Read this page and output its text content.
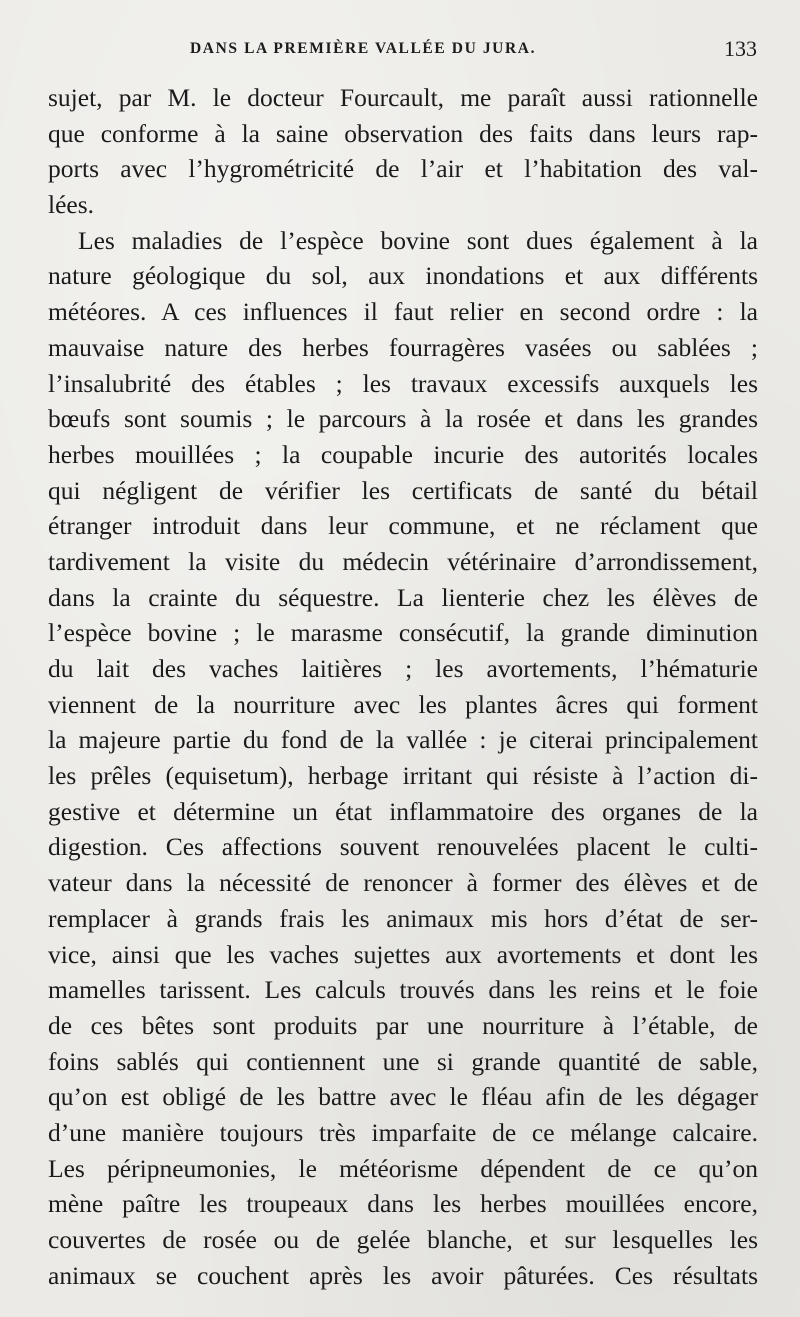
DANS LA PREMIÈRE VALLÉE DU JURA.	133
sujet, par M. le docteur Fourcault, me paraît aussi rationnelle
que conforme à la saine observation des faits dans leurs rap-
ports avec l’hygrométricité de l’air et l’habitation des val-
lées.
Les maladies de l’espèce bovine sont dues également à la
nature géologique du sol, aux inondations et aux différents
météores. A ces influences il faut relier en second ordre : la
mauvaise nature des herbes fourragères vasées ou sablées ;
l’insalubrité des étables ; les travaux excessifs auxquels les
bœufs sont soumis ; le parcours à la rosée et dans les grandes
herbes mouillées ; la coupable incurie des autorités locales
qui négligent de vérifier les certificats de santé du bétail
étranger introduit dans leur commune, et ne réclament que
tardivement la visite du médecin vétérinaire d’arrondissement,
dans la crainte du séquestre. La lienterie chez les élèves de
l’espèce bovine ; le marasme consécutif, la grande diminution
du lait des vaches laitières ; les avortements, l’hématurie
viennent de la nourriture avec les plantes âcres qui forment
la majeure partie du fond de la vallée : je citerai principalement
les prêles (equisetum), herbage irritant qui résiste à l’action di-
gestive et détermine un état inflammatoire des organes de la
digestion. Ces affections souvent renouvelées placent le culti-
vateur dans la nécessité de renoncer à former des élèves et de
remplacer à grands frais les animaux mis hors d’état de ser-
vice, ainsi que les vaches sujettes aux avortements et dont les
mamelles tarissent. Les calculs trouvés dans les reins et le foie
de ces bêtes sont produits par une nourriture à l’étable, de
foins sablés qui contiennent une si grande quantité de sable,
qu’on est obligé de les battre avec le fléau afin de les dégager
d’une manière toujours très imparfaite de ce mélange calcaire.
Les péripneumonies, le météorisme dépendent de ce qu’on
mène paître les troupeaux dans les herbes mouillées encore,
couvertes de rosée ou de gelée blanche, et sur lesquelles les
animaux se couchent après les avoir pâturées. Ces résultats
